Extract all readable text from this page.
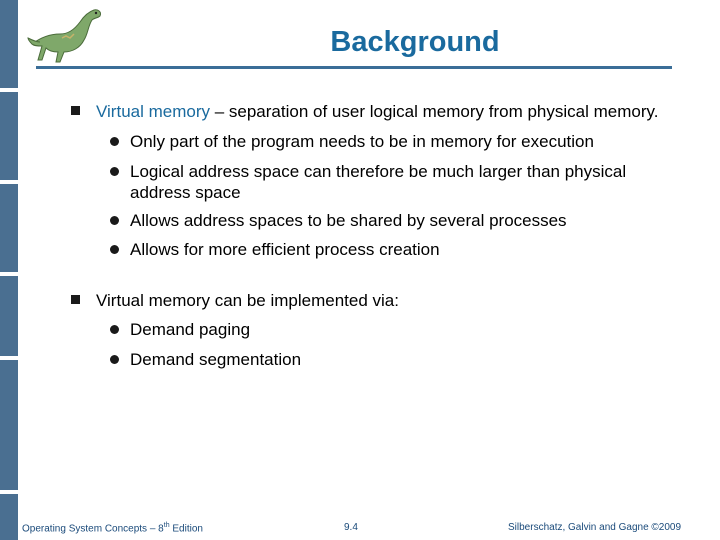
Background
Virtual memory – separation of user logical memory from physical memory.
Only part of the program needs to be in memory for execution
Logical address space can therefore be much larger than physical address space
Allows address spaces to be shared by several processes
Allows for more efficient process creation
Virtual memory can be implemented via:
Demand paging
Demand segmentation
Operating System Concepts – 8th Edition	9.4	Silberschatz, Galvin and Gagne ©2009
